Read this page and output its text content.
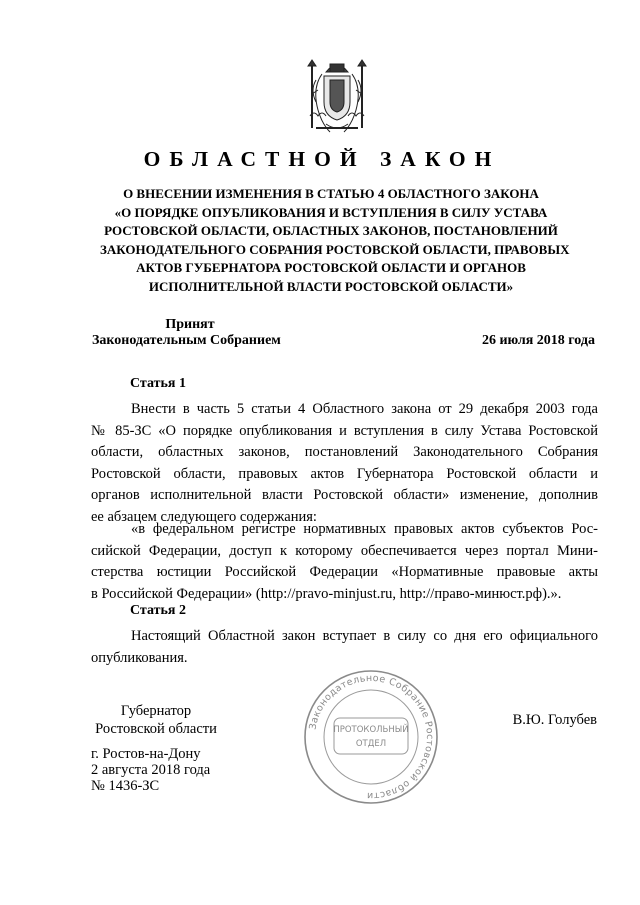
ОБЛАСТНОЙ ЗАКОН
О ВНЕСЕНИИ ИЗМЕНЕНИЯ В СТАТЬЮ 4 ОБЛАСТНОГО ЗАКОНА
«О ПОРЯДКЕ ОПУБЛИКОВАНИЯ И ВСТУПЛЕНИЯ В СИЛУ УСТАВА
РОСТОВСКОЙ ОБЛАСТИ, ОБЛАСТНЫХ ЗАКОНОВ, ПОСТАНОВЛЕНИЙ
ЗАКОНОДАТЕЛЬНОГО СОБРАНИЯ РОСТОВСКОЙ ОБЛАСТИ, ПРАВОВЫХ
АКТОВ ГУБЕРНАТОРА РОСТОВСКОЙ ОБЛАСТИ И ОРГАНОВ
ИСПОЛНИТЕЛЬНОЙ ВЛАСТИ РОСТОВСКОЙ ОБЛАСТИ»
Принят
Законодательным Собранием	26 июля 2018 года
Статья 1
Внести в часть 5 статьи 4 Областного закона от 29 декабря 2003 года
№ 85-ЗС «О порядке опубликования и вступления в силу Устава Ростовской
области, областных законов, постановлений Законодательного Собрания
Ростовской области, правовых актов Губернатора Ростовской области и
органов исполнительной власти Ростовской области» изменение, дополнив
ее абзацем следующего содержания:
«в федеральном регистре нормативных правовых актов субъектов Рос-
сийской Федерации, доступ к которому обеспечивается через портал Мини-
стерства юстиции Российской Федерации «Нормативные правовые акты
в Российской Федерации» (http://pravo-minjust.ru, http://право-минюст.рф).».
Статья 2
Настоящий Областной закон вступает в силу со дня его официального
опубликования.
Губернатор
Ростовской области	Законодательное Собрание Ростовской области
ПРОТОКОЛЬНЫЙ
ОТДЕЛ
В.Ю. Голубев
г. Ростов-на-Дону
2 августа 2018 года
№ 1436-ЗС
